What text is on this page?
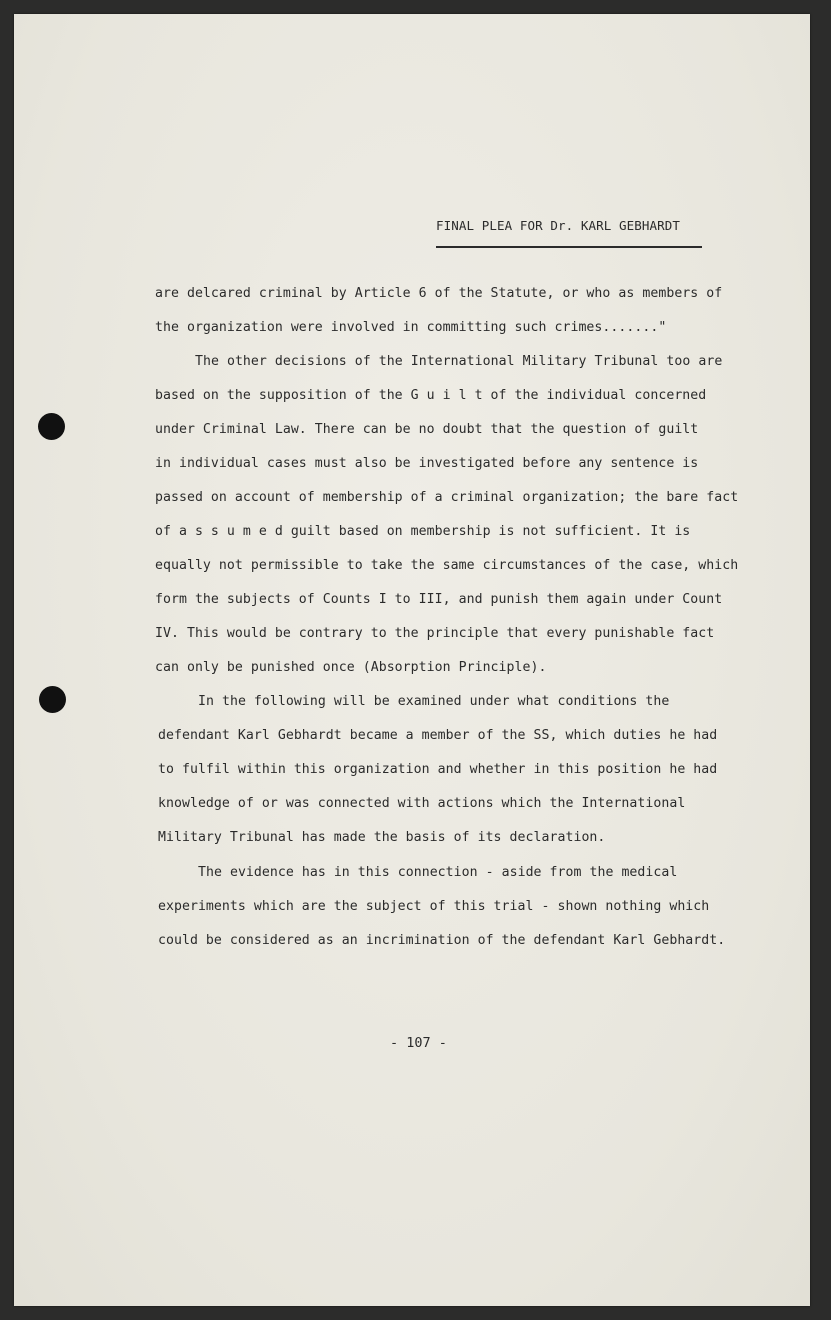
FINAL PLEA FOR Dr. KARL GEBHARDT
are delcared criminal by Article 6 of the Statute, or who as members of
the organization were involved in committing such crimes......."
The other decisions of the International Military Tribunal too are
based on the supposition of the G u i l t of the individual concerned
under Criminal Law. There can be no doubt that the question of guilt
in individual cases must also be investigated before any sentence is
passed on account of membership of a criminal organization; the bare fact
of a s s u m e d guilt based on membership is not sufficient. It is
equally not permissible to take the same circumstances of the case, which
form the subjects of Counts I to III, and punish them again under Count
IV. This would be contrary to the principle that every punishable fact
can only be punished once (Absorption Principle).
In the following will be examined under what conditions the
defendant Karl Gebhardt became a member of the SS, which duties he had
to fulfil within this organization and whether in this position he had
knowledge of or was connected with actions which the International
Military Tribunal has made the basis of its declaration.
The evidence has in this connection - aside from the medical
experiments which are the subject of this trial - shown nothing which
could be considered as an incrimination of the defendant Karl Gebhardt.
- 107 -
